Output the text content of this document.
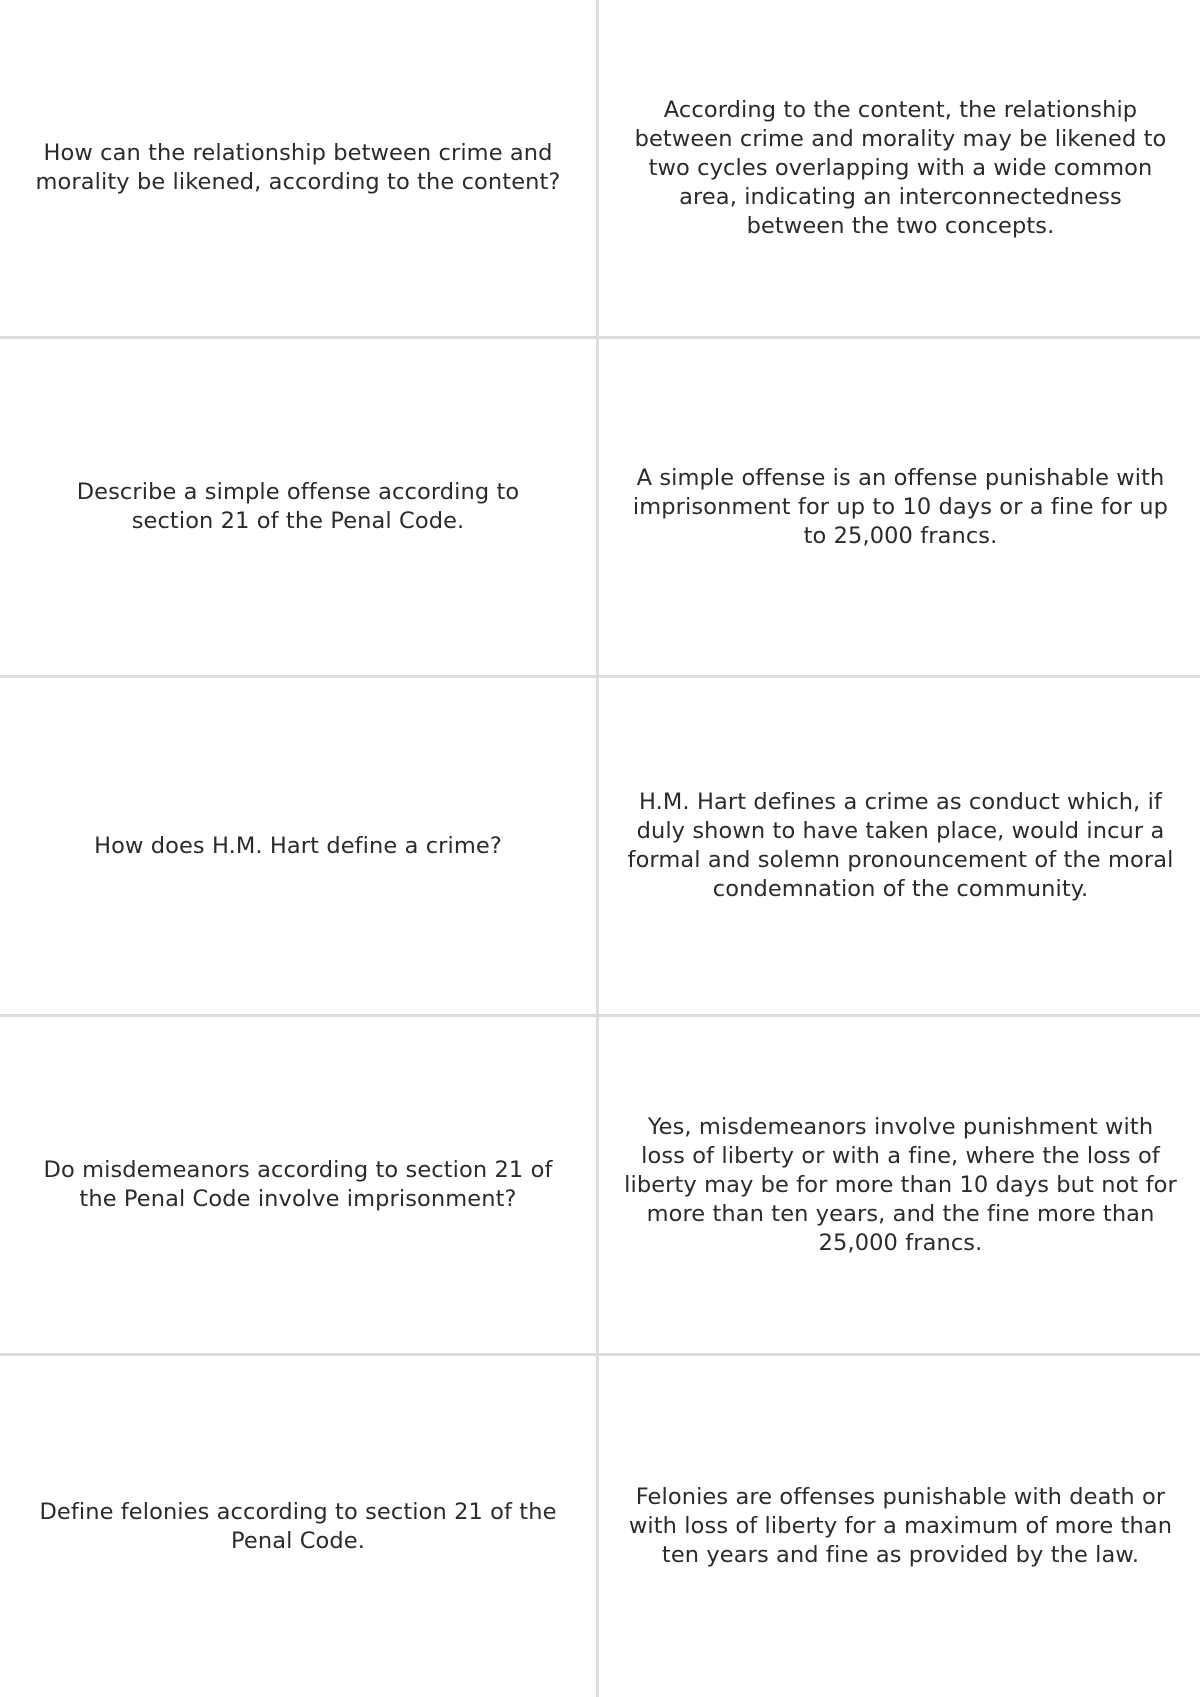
How can the relationship between crime and morality be likened, according to the content?
According to the content, the relationship between crime and morality may be likened to two cycles overlapping with a wide common area, indicating an interconnectedness between the two concepts.
Describe a simple offense according to section 21 of the Penal Code.
A simple offense is an offense punishable with imprisonment for up to 10 days or a fine for up to 25,000 francs.
How does H.M. Hart define a crime?
H.M. Hart defines a crime as conduct which, if duly shown to have taken place, would incur a formal and solemn pronouncement of the moral condemnation of the community.
Do misdemeanors according to section 21 of the Penal Code involve imprisonment?
Yes, misdemeanors involve punishment with loss of liberty or with a fine, where the loss of liberty may be for more than 10 days but not for more than ten years, and the fine more than 25,000 francs.
Define felonies according to section 21 of the Penal Code.
Felonies are offenses punishable with death or with loss of liberty for a maximum of more than ten years and fine as provided by the law.
